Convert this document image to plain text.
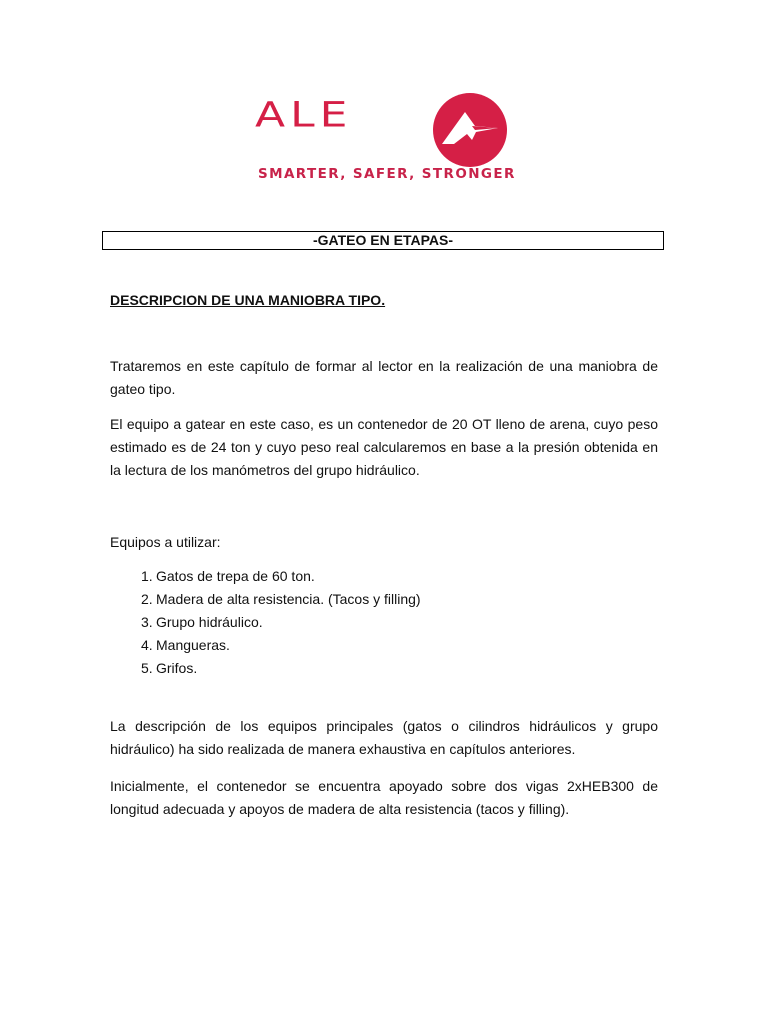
ALE
SMARTER, SAFER, STRONGER
-GATEO EN ETAPAS-
DESCRIPCION DE UNA MANIOBRA TIPO.

Trataremos en este capítulo de formar al lector en la realización de una maniobra de gateo tipo.

El equipo a gatear en este caso, es un contenedor de 20 OT lleno de arena, cuyo peso estimado es de 24 ton y cuyo peso real calcularemos en base a la presión obtenida en la lectura de los manómetros del grupo hidráulico.

Equipos a utilizar:
1. Gatos de trepa de 60 ton.
2. Madera de alta resistencia. (Tacos y filling)
3. Grupo hidráulico.
4. Mangueras.
5. Grifos.

La descripción de los equipos principales (gatos o cilindros hidráulicos y grupo hidráulico) ha sido realizada de manera exhaustiva en capítulos anteriores.

Inicialmente, el contenedor se encuentra apoyado sobre dos vigas 2xHEB300 de longitud adecuada y apoyos de madera de alta resistencia (tacos y filling).
